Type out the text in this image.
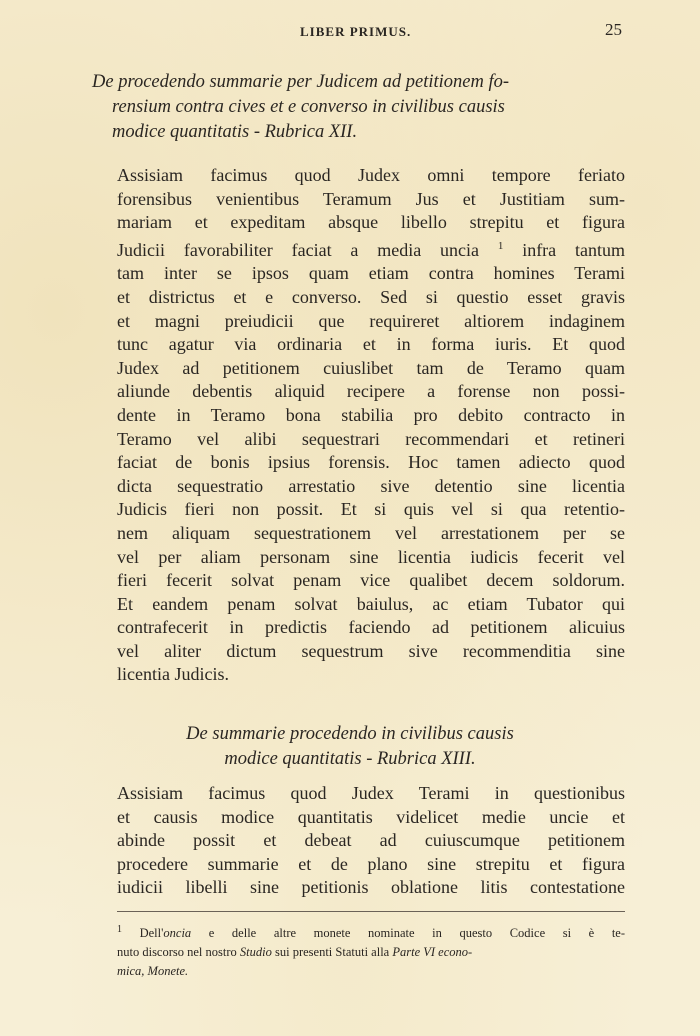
LIBER PRIMUS.	25
De procedendo summarie per Judicem ad petitionem fo-
rensium contra cives et e converso in civilibus causis
modice quantitatis - Rubrica XII.

Assisiam facimus quod Judex omni tempore feriato
forensibus venientibus Teramum Jus et Justitiam sum-
mariam et expeditam absque libello strepitu et figura
Judicii favorabiliter faciat a media uncia $^1$ infra tantum
tam inter se ipsos quam etiam contra homines Terami
et districtus et e converso. Sed si questio esset gravis
et magni preiudicii que requireret altiorem indaginem
tunc agatur via ordinaria et in forma iuris. Et quod
Judex ad petitionem cuiuslibet tam de Teramo quam
aliunde debentis aliquid recipere a forense non possi-
dente in Teramo bona stabilia pro debito contracto in
Teramo vel alibi sequestrari recommendari et retineri
faciat de bonis ipsius forensis. Hoc tamen adiecto quod
dicta sequestratio arrestatio sive detentio sine licentia
Judicis fieri non possit. Et si quis vel si qua retentio-
nem aliquam sequestrationem vel arrestationem per se
vel per aliam personam sine licentia iudicis fecerit vel
fieri fecerit solvat penam vice qualibet decem soldorum.
Et eandem penam solvat baiulus, ac etiam Tubator qui
contrafecerit in predictis faciendo ad petitionem alicuius
vel aliter dictum sequestrum sive recommenditia sine
licentia Judicis.

De summarie procedendo in civilibus causis
modice quantitatis - Rubrica XIII.

Assisiam facimus quod Judex Terami in questionibus
et causis modice quantitatis videlicet medie uncie et
abinde possit et debeat ad cuiuscumque petitionem
procedere summarie et de plano sine strepitu et figura
iudicii libelli sine petitionis oblatione litis contestatione

$^1$ Dell'oncia e delle altre monete nominate in questo Codice si è te-
nuto discorso nel nostro Studio sui presenti Statuti alla Parte VI econo-
mica, Monete.
